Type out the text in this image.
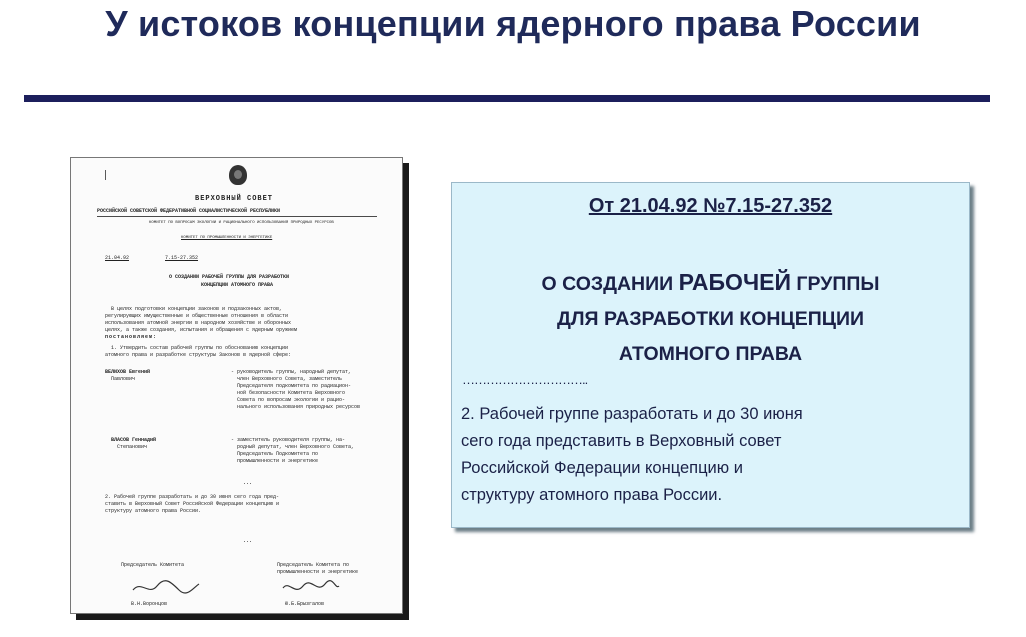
У истоков концепции ядерного права России
ВЕРХОВНЫЙ СОВЕТ
РОССИЙСКОЙ СОВЕТСКОЙ ФЕДЕРАТИВНОЙ СОЦИАЛИСТИЧЕСКОЙ РЕСПУБЛИКИ
КОМИТЕТ ПО ВОПРОСАМ ЭКОЛОГИИ И РАЦИОНАЛЬНОГО ИСПОЛЬЗОВАНИЯ ПРИРОДНЫХ РЕСУРСОВ
КОМИТЕТ ПО ПРОМЫШЛЕННОСТИ И ЭНЕРГЕТИКЕ
21.04.92	7.15-27.352
О СОЗДАНИИ РАБОЧЕЙ ГРУППЫ ДЛЯ РАЗРАБОТКИ
КОНЦЕПЦИИ АТОМНОГО ПРАВА
В целях подготовки концепции законов и подзаконных актов,
регулирующих имущественные и общественные отношения в области
использования атомной энергии в народном хозяйстве и оборонных
целях, а также создания, испытания и обращения с ядерным оружием
постановляем:
1. Утвердить состав рабочей группы по обоснованию концепции
атомного права и разработке структуры Законов в ядерной сфере:
ВЕЛИХОВ Евгений
Павлович
- руководитель группы, народный депутат,
член Верховного Совета, заместитель
Председателя подкомитета по радиацион-
ной безопасности Комитета Верховного
Совета по вопросам экологии и рацио-
нального использования природных ресурсов
ВЛАСОВ Геннадий
Степанович
- заместитель руководителя группы, на-
родный депутат, член Верховного Совета,
Председатель Подкомитета по
промышленности и энергетике
...
2. Рабочей группе разработать и до 30 июня сего года пред-
ставить в Верховный Совет Российской Федерации концепцию и
структуру атомного права России.
...
Председатель Комитета	Председатель Комитета по
промышленности и энергетике
В.Н.Воронцов	Ю.Б.Брызгалов
От 21.04.92 №7.15-27.352
О СОЗДАНИИ РАБОЧЕЙ ГРУППЫ
ДЛЯ РАЗРАБОТКИ КОНЦЕПЦИИ
АТОМНОГО ПРАВА
…………………………..
2. Рабочей группе разработать и до 30 июня
сего года представить в Верховный совет
Российской Федерации концепцию и
структуру атомного права России.
